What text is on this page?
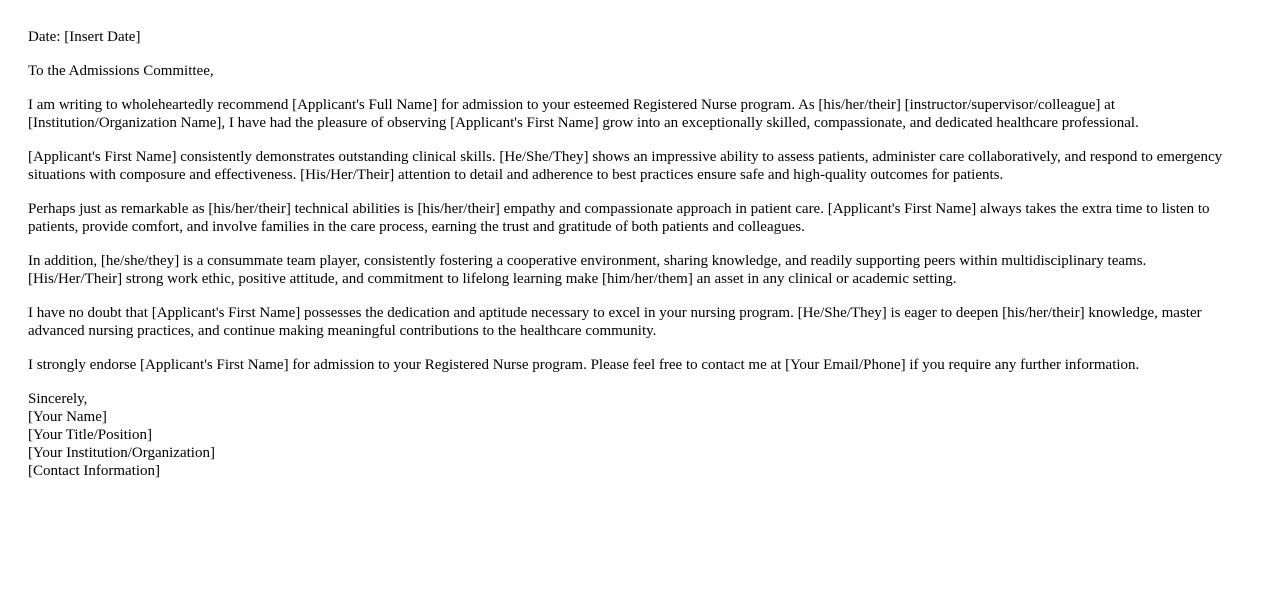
Date: [Insert Date]

To the Admissions Committee,

I am writing to wholeheartedly recommend [Applicant's Full Name] for admission to your esteemed Registered Nurse program. As [his/her/their] [instructor/supervisor/colleague] at [Institution/Organization Name], I have had the pleasure of observing [Applicant's First Name] grow into an exceptionally skilled, compassionate, and dedicated healthcare professional.

[Applicant's First Name] consistently demonstrates outstanding clinical skills. [He/She/They] shows an impressive ability to assess patients, administer care collaboratively, and respond to emergency situations with composure and effectiveness. [His/Her/Their] attention to detail and adherence to best practices ensure safe and high-quality outcomes for patients.

Perhaps just as remarkable as [his/her/their] technical abilities is [his/her/their] empathy and compassionate approach in patient care. [Applicant's First Name] always takes the extra time to listen to patients, provide comfort, and involve families in the care process, earning the trust and gratitude of both patients and colleagues.

In addition, [he/she/they] is a consummate team player, consistently fostering a cooperative environment, sharing knowledge, and readily supporting peers within multidisciplinary teams. [His/Her/Their] strong work ethic, positive attitude, and commitment to lifelong learning make [him/her/them] an asset in any clinical or academic setting.

I have no doubt that [Applicant's First Name] possesses the dedication and aptitude necessary to excel in your nursing program. [He/She/They] is eager to deepen [his/her/their] knowledge, master advanced nursing practices, and continue making meaningful contributions to the healthcare community.

I strongly endorse [Applicant's First Name] for admission to your Registered Nurse program. Please feel free to contact me at [Your Email/Phone] if you require any further information.

Sincerely,

[Your Name]

[Your Title/Position]

[Your Institution/Organization]

[Contact Information]
